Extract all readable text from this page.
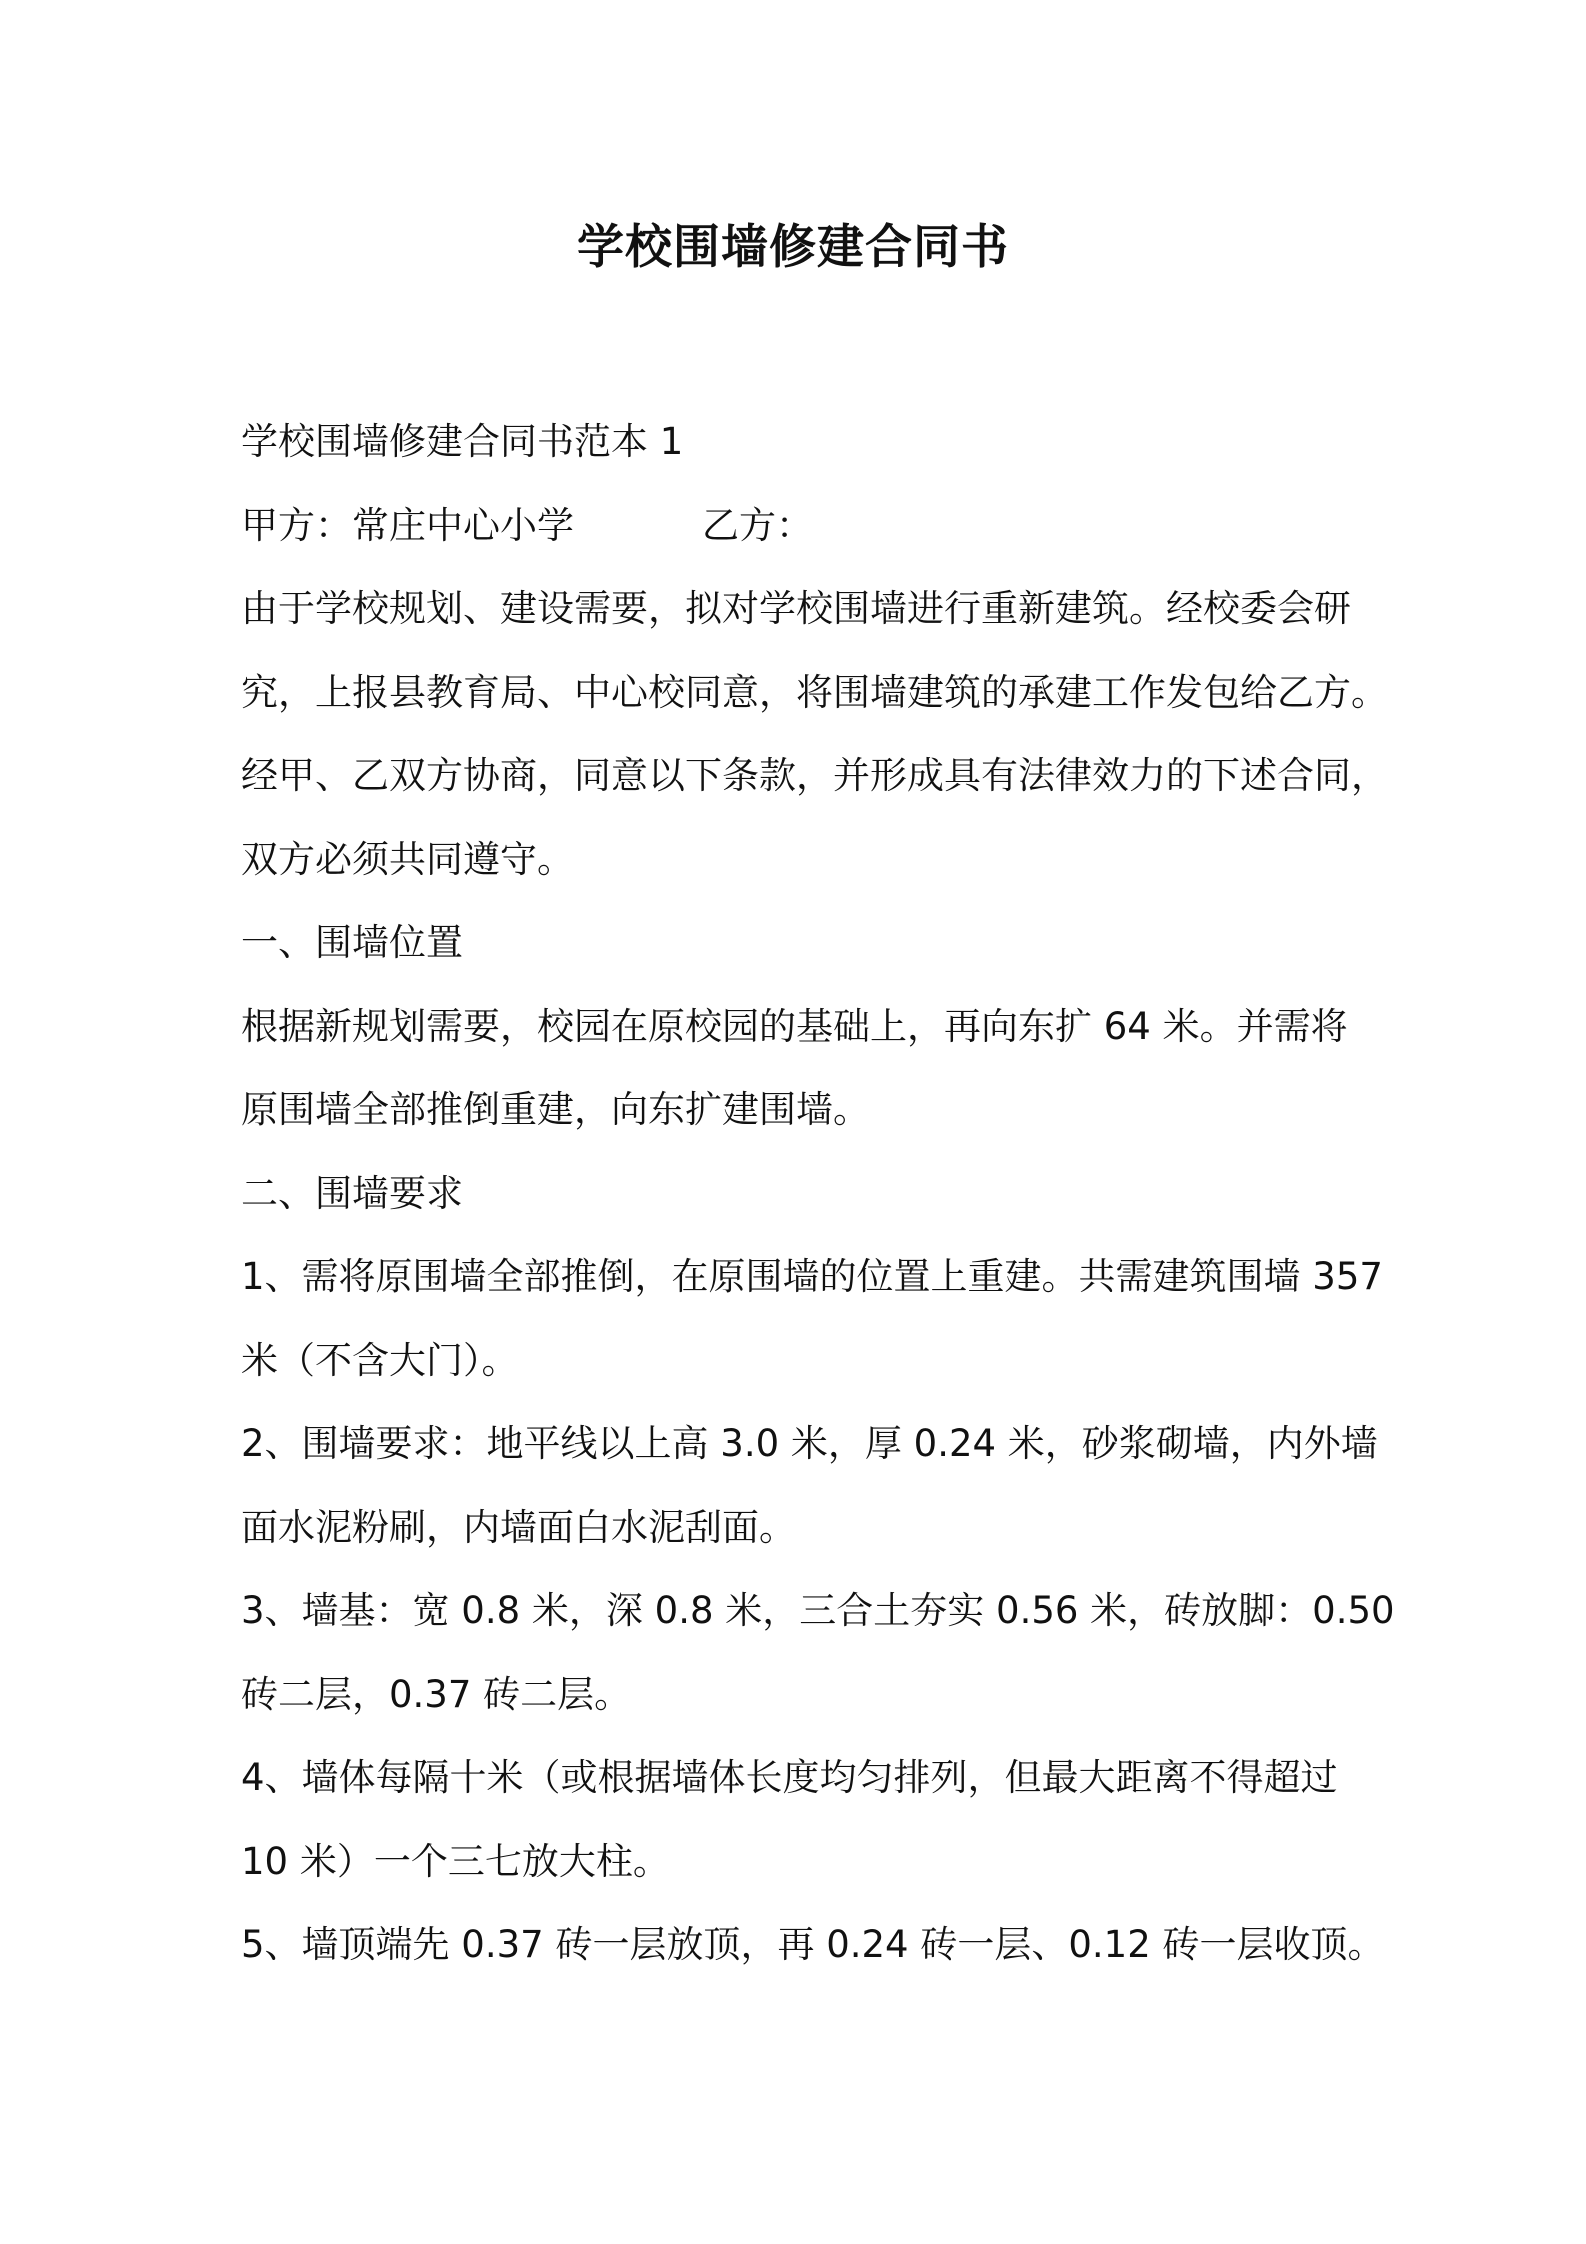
学校围墙修建合同书
学校围墙修建合同书范本 1
甲方：常庄中心小学	乙方：
由于学校规划、建设需要，拟对学校围墙进行重新建筑。经校委会研
究，上报县教育局、中心校同意，将围墙建筑的承建工作发包给乙方。
经甲、乙双方协商，同意以下条款，并形成具有法律效力的下述合同，
双方必须共同遵守。
一、围墙位置
根据新规划需要，校园在原校园的基础上，再向东扩 64 米。并需将
原围墙全部推倒重建，向东扩建围墙。
二、围墙要求
1、需将原围墙全部推倒，在原围墙的位置上重建。共需建筑围墙 357
米（不含大门）。
2、围墙要求：地平线以上高 3.0 米，厚 0.24 米，砂浆砌墙，内外墙
面水泥粉刷，内墙面白水泥刮面。
3、墙基：宽 0.8 米，深 0.8 米，三合土夯实 0.56 米，砖放脚：0.50
砖二层，0.37 砖二层。
4、墙体每隔十米（或根据墙体长度均匀排列，但最大距离不得超过
10 米）一个三七放大柱。
5、墙顶端先 0.37 砖一层放顶，再 0.24 砖一层、0.12 砖一层收顶。
